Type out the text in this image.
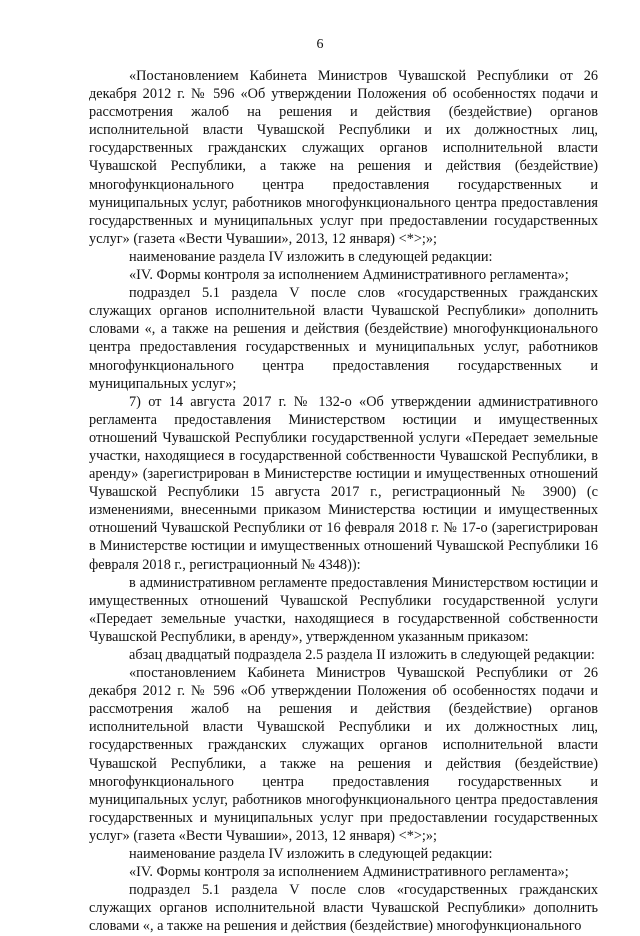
6

«Постановлением Кабинета Министров Чувашской Республики от 26 декабря 2012 г. № 596 «Об утверждении Положения об особенностях подачи и рассмотрения жалоб на решения и действия (бездействие) органов исполнительной власти Чувашской Республики и их должностных лиц, государственных гражданских служащих органов исполнительной власти Чувашской Республики, а также на решения и действия (бездействие) многофункционального центра предоставления государственных и муниципальных услуг, работников многофункционального центра предоставления государственных и муниципальных услуг при предоставлении государственных услуг» (газета «Вести Чувашии», 2013, 12 января) <*>;»;

наименование раздела IV изложить в следующей редакции:

«IV. Формы контроля за исполнением Административного регламента»;

подраздел 5.1 раздела V после слов «государственных гражданских служащих органов исполнительной власти Чувашской Республики» дополнить словами «, а также на решения и действия (бездействие) многофункционального центра предоставления государственных и муниципальных услуг, работников многофункционального центра предоставления государственных и муниципальных услуг»;

7) от 14 августа 2017 г. № 132-о «Об утверждении административного регламента предоставления Министерством юстиции и имущественных отношений Чувашской Республики государственной услуги «Передает земельные участки, находящиеся в государственной собственности Чувашской Республики, в аренду» (зарегистрирован в Министерстве юстиции и имущественных отношений Чувашской Республики 15 августа 2017 г., регистрационный № 3900) (с изменениями, внесенными приказом Министерства юстиции и имущественных отношений Чувашской Республики от 16 февраля 2018 г. № 17-о (зарегистрирован в Министерстве юстиции и имущественных отношений Чувашской Республики 16 февраля 2018 г., регистрационный № 4348)):

в административном регламенте предоставления Министерством юстиции и имущественных отношений Чувашской Республики государственной услуги «Передает земельные участки, находящиеся в государственной собственности Чувашской Республики, в аренду», утвержденном указанным приказом:

абзац двадцатый подраздела 2.5 раздела II изложить в следующей редакции:

«постановлением Кабинета Министров Чувашской Республики от 26 декабря 2012 г. № 596 «Об утверждении Положения об особенностях подачи и рассмотрения жалоб на решения и действия (бездействие) органов исполнительной власти Чувашской Республики и их должностных лиц, государственных гражданских служащих органов исполнительной власти Чувашской Республики, а также на решения и действия (бездействие) многофункционального центра предоставления государственных и муниципальных услуг, работников многофункционального центра предоставления государственных и муниципальных услуг при предоставлении государственных услуг» (газета «Вести Чувашии», 2013, 12 января) <*>;»;

наименование раздела IV изложить в следующей редакции:

«IV. Формы контроля за исполнением Административного регламента»;

подраздел 5.1 раздела V после слов «государственных гражданских служащих органов исполнительной власти Чувашской Республики» дополнить словами «, а также на решения и действия (бездействие) многофункционального
